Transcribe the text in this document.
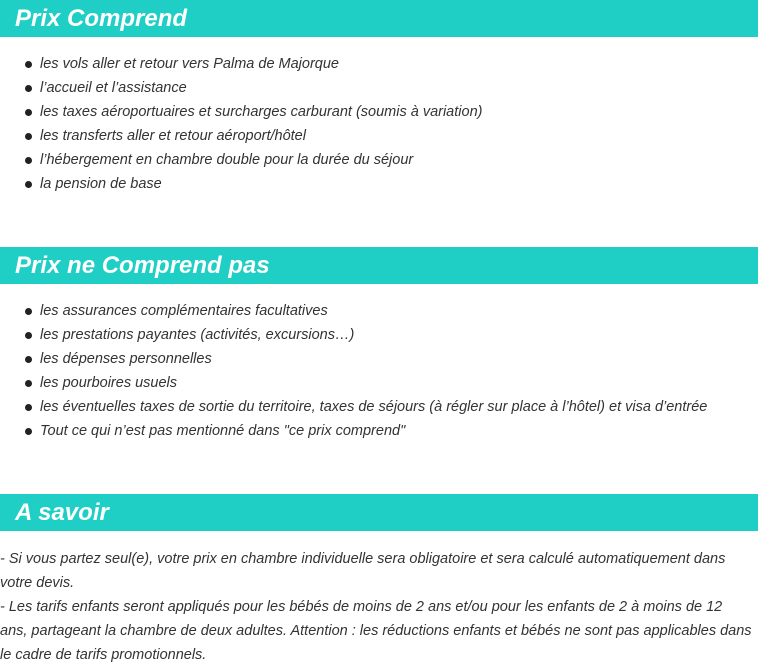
Prix Comprend
les vols aller et retour vers Palma de Majorque
l’accueil et l’assistance
les taxes aéroportuaires et surcharges carburant (soumis à variation)
les transferts aller et retour aéroport/hôtel
l’hébergement en chambre double pour la durée du séjour
la pension de base
Prix ne Comprend pas
les assurances complémentaires facultatives
les prestations payantes (activités, excursions…)
les dépenses personnelles
les pourboires usuels
les éventuelles taxes de sortie du territoire, taxes de séjours (à régler sur place à l’hôtel) et visa d’entrée
Tout ce qui n’est pas mentionné dans "ce prix comprend"
A savoir

- Si vous partez seul(e), votre prix en chambre individuelle sera obligatoire et sera calculé automatiquement dans votre devis.

- Les tarifs enfants seront appliqués pour les bébés de moins de 2 ans et/ou pour les enfants de 2 à moins de 12 ans, partageant la chambre de deux adultes. Attention : les réductions enfants et bébés ne sont pas applicables dans le cadre de tarifs promotionnels.
